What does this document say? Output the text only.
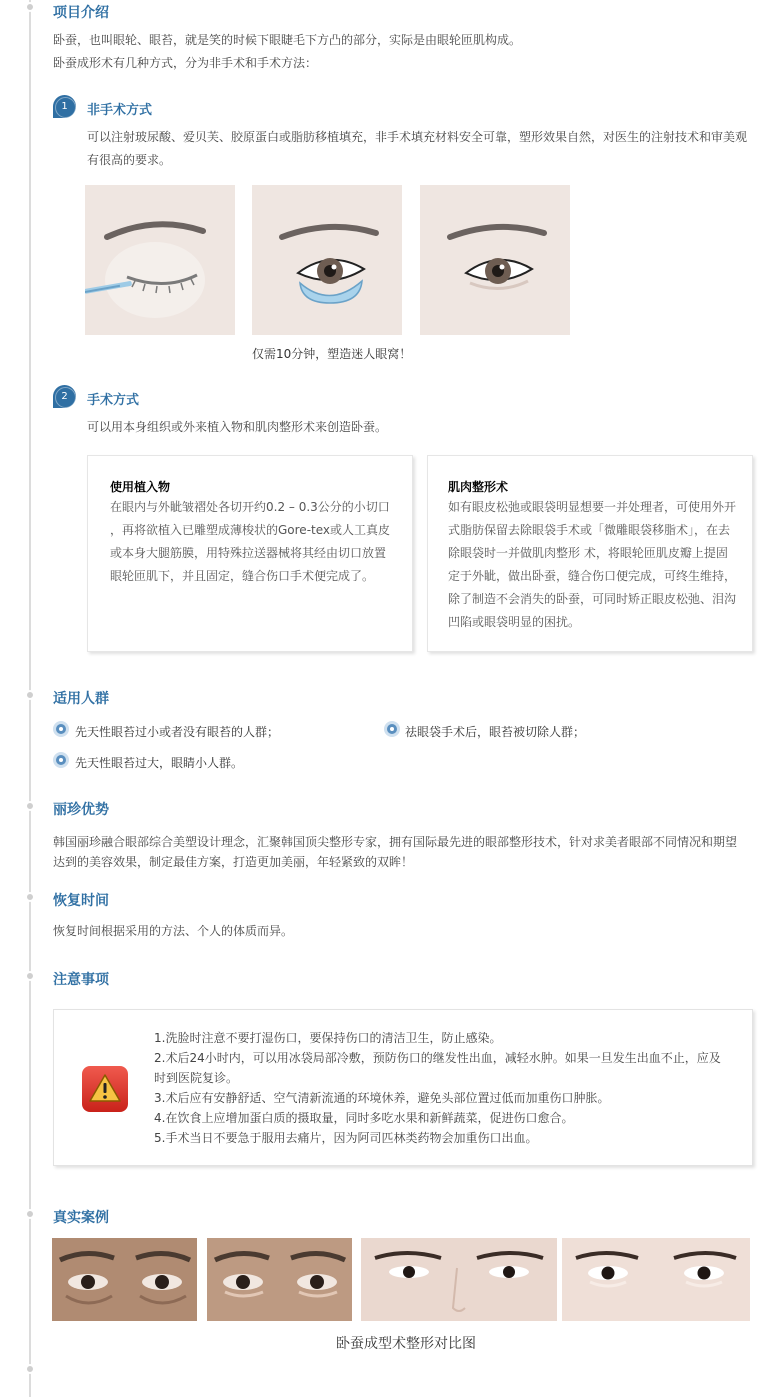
项目介绍
卧蚕，也叫眼轮、眼苔，就是笑的时候下眼睫毛下方凸的部分，实际是由眼轮匝肌构成。
卧蚕成形术有几种方式，分为非手术和手术方法：
1	非手术方式
可以注射玻尿酸、爱贝芙、胶原蛋白或脂肪移植填充，非手术填充材料安全可靠，塑形效果自然，对医生的注射技术和审美观
有很高的要求。
仅需10分钟，塑造迷人眼窝！
2	手术方式
可以用本身组织或外来植入物和肌肉整形术来创造卧蚕。
使用植入物
在眼内与外眦皱褶处各切开约0.2 – 0.3公分的小切口
，再将欲植入已雕塑成薄梭状的Gore-tex或人工真皮
或本身大腿筋膜，用特殊拉送器械将其经由切口放置
眼轮匝肌下，并且固定，缝合伤口手术便完成了。
肌肉整形术
如有眼皮松弛或眼袋明显想要一并处理者，可使用外开
式脂肪保留去除眼袋手术或「微雕眼袋移脂术」，在去
除眼袋时一并做肌肉整形 术，将眼轮匝肌皮瓣上提固
定于外眦，做出卧蚕，缝合伤口便完成，可终生维持，
除了制造不会消失的卧蚕，可同时矫正眼皮松弛、泪沟
凹陷或眼袋明显的困扰。
适用人群
先天性眼苔过小或者没有眼苔的人群；	祛眼袋手术后，眼苔被切除人群；
先天性眼苔过大，眼睛小人群。
丽珍优势
韩国丽珍融合眼部综合美塑设计理念，汇聚韩国顶尖整形专家，拥有国际最先进的眼部整形技术，针对求美者眼部不同情况和期望
达到的美容效果，制定最佳方案，打造更加美丽，年轻紧致的双眸！
恢复时间
恢复时间根据采用的方法、个人的体质而异。
注意事项
1.洗脸时注意不要打湿伤口，要保持伤口的清洁卫生，防止感染。
2.术后24小时内，可以用冰袋局部冷敷，预防伤口的继发性出血，减轻水肿。如果一旦发生出血不止，应及
时到医院复诊。
3.术后应有安静舒适、空气清新流通的环境休养，避免头部位置过低而加重伤口肿胀。
4.在饮食上应增加蛋白质的摄取量，同时多吃水果和新鲜蔬菜，促进伤口愈合。
5.手术当日不要急于服用去痛片，因为阿司匹林类药物会加重伤口出血。
真实案例
卧蚕成型术整形对比图
